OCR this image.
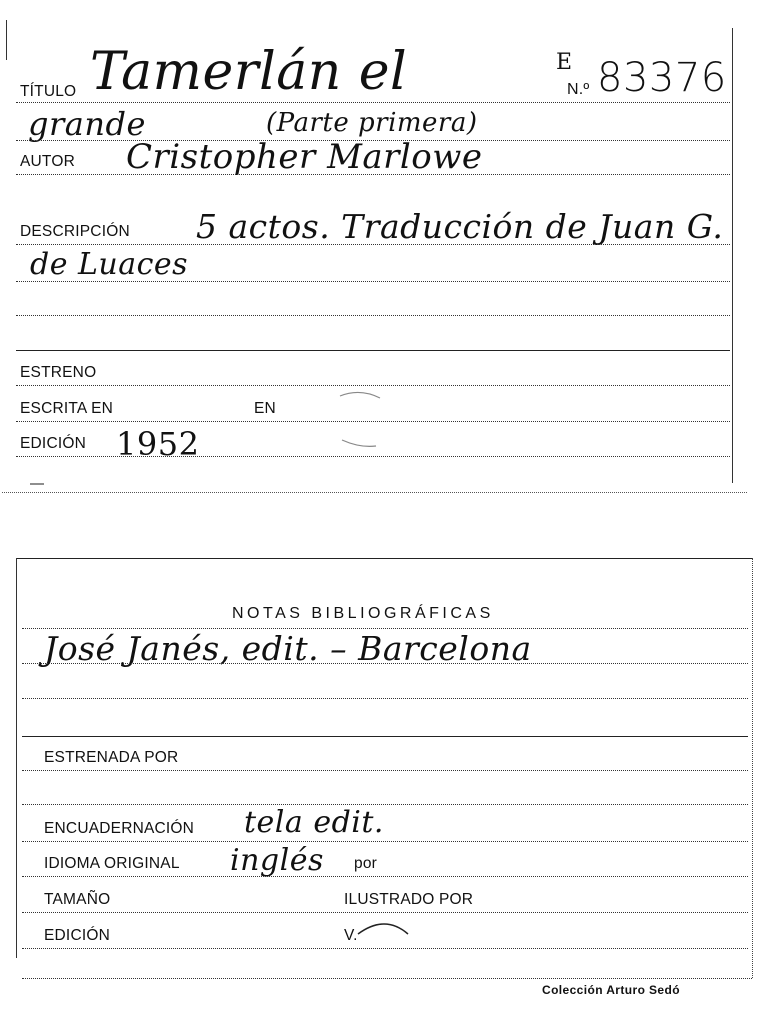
TÍTULO Tamerlán el	E
N.º 83376
grande	(Parte primera)
AUTOR Cristopher Marlowe
DESCRIPCIÓN 5 actos. Traducción de Juan G.
de Luaces
ESTRENO
ESCRITA EN	EN
EDICIÓN 1952
NOTAS BIBLIOGRÁFICAS
José Janés, edit. – Barcelona
ESTRENADA POR
ENCUADERNACIÓN tela edit.
IDIOMA ORIGINAL inglés por
TAMAÑO	ILUSTRADO POR
EDICIÓN	V.
Colección Arturo Sedó
